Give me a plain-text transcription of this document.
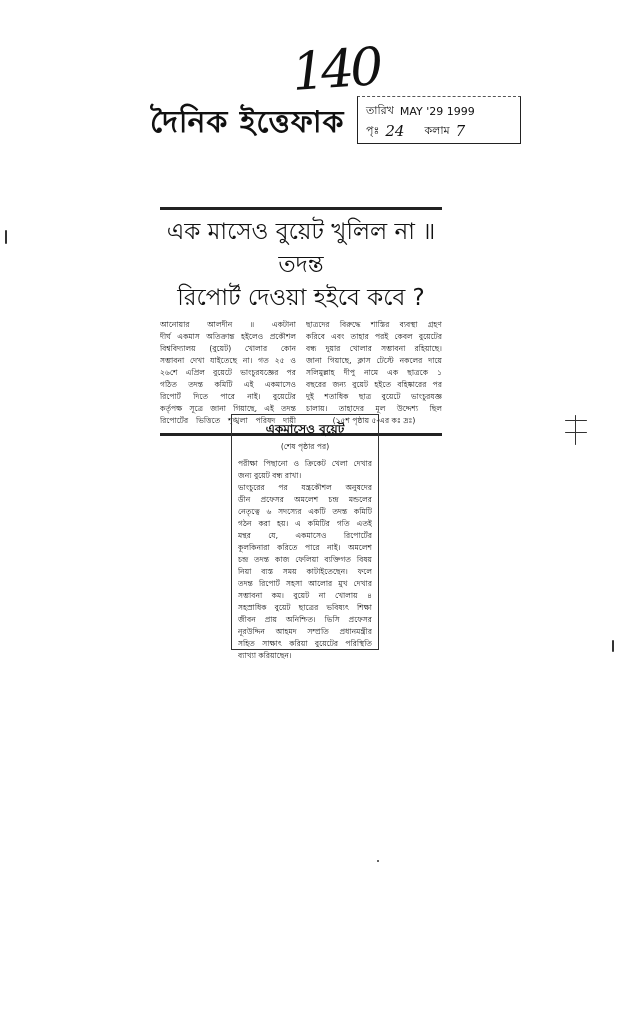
140
দৈনিক ইত্তেফাক তারিখ MAY '29 1999
পৃঃ 24 কলাম 7
এক মাসেও বুয়েট খুলিল না ॥ তদন্ত
রিপোর্ট দেওয়া হইবে কবে ?
আনোয়ার আলদীন ॥ একটানা
দীর্ঘ একমাস অতিক্রান্ত হইলেও প্রকৌশল
বিশ্ববিদ্যালয় (বুয়েট) খোলার কোন
সম্ভাবনা দেখা যাইতেছে না। গত ২৫ ও
২৬শে এপ্রিল বুয়েটে ভাংচুরযজ্ঞের পর
গঠিত তদন্ত কমিটি এই একমাসেও
রিপোর্ট দিতে পারে নাই। বুয়েটের
কর্তৃপক্ষ সূত্রে জানা গিয়াছে, এই তদন্ত
রিপোর্টের ভিত্তিতে শৃঙ্খলা পরিষদ দায়ী
ছাত্রদের বিরুদ্ধে শাস্তির ব্যবস্থা গ্রহণ
করিবে এবং তাহার পরই কেবল বুয়েটের
বন্ধ দুয়ার খোলার সম্ভাবনা রহিয়াছে।
জানা গিয়াছে, ক্লাস টেস্টে নকলের দায়ে
সলিমুল্লাহ দীপু নামে এক ছাত্রকে ১
বছরের জন্য বুয়েট হইতে বহিষ্কারের পর
দুই শতাধিক ছাত্র বুয়েটে ভাংচুরযজ্ঞ
চালায়। তাহাদের মূল উদ্দেশ্য ছিল
(১৫শ পৃষ্ঠায় ৫-এর কঃ দ্রঃ)
একমাসেও বুয়েট
(শেষ পৃষ্ঠার পর)
পরীক্ষা পিছানো ও ক্রিকেট খেলা দেখার
জন্য বুয়েট বন্ধ রাখা।
ভাংচুরের পর যন্ত্রকৌশল অনুষদের
ডীন প্রফেসর অমলেশ চন্দ্র মন্ডলের
নেতৃত্বে ৬ সদস্যের একটি তদন্ত কমিটি
গঠন করা হয়। এ কমিটির গতি এতই
মন্থর যে, একমাসেও রিপোর্টের
কূলকিনারা করিতে পারে নাই। অমলেশ
চন্দ্র তদন্ত কাজ ফেলিয়া ব্যক্তিগত বিষয়
নিয়া ব্যস্ত সময় কাটাইতেছেন। ফলে
তদন্ত রিপোর্ট সহসা আলোর মুখ দেখার
সম্ভাবনা কম। বুয়েট না খোলায় ৪
সহস্রাধিক বুয়েট ছাত্রের ভবিষ্যৎ শিক্ষা
জীবন প্রায় অনিশ্চিত। ভিসি প্রফেসর
নূরউদ্দিন আহমদ সম্প্রতি প্রধানমন্ত্রীর
সহিত সাক্ষাৎ করিয়া বুয়েটের পরিস্থিতি
ব্যাখ্যা করিয়াছেন।
